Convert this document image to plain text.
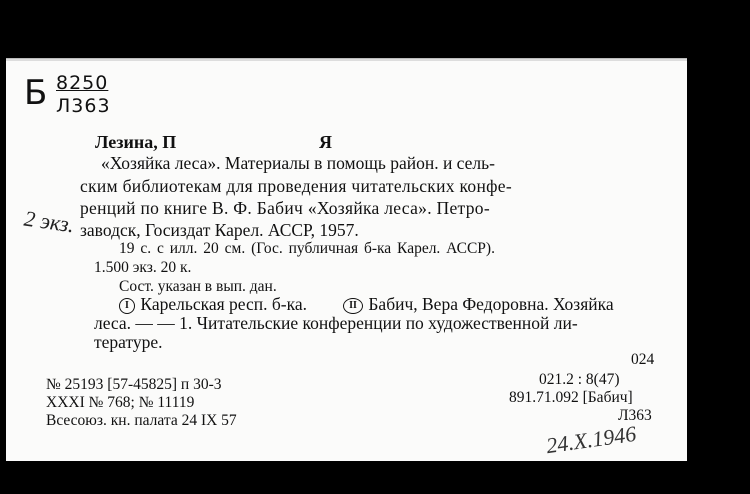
Б 8250
Л363
2 экз.
Лезина, П	Я
«Хозяйка леса». Материалы в помощь район. и сель-
ским библиотекам для проведения читательских конфе-
ренций по книге В. Ф. Бабич «Хозяйка леса». Петро-
заводск, Госиздат Карел. АССР, 1957.
19 с. с илл. 20 см. (Гос. публичная б-ка Карел. АССР).
1.500 экз. 20 к.
Сост. указан в вып. дан.
I Карельская респ. б-ка.	II Бабич, Вера Федоровна. Хозяйка
леса. — — 1. Читательские конференции по художественной ли-
тературе.
024
021.2 : 8(47)
891.71.092 [Бабич]
Л363
№ 25193 [57-45825] п 30-3
XXXI № 768; № 11119
Всесоюз. кн. палата 24 IX 57
24.X.1946
